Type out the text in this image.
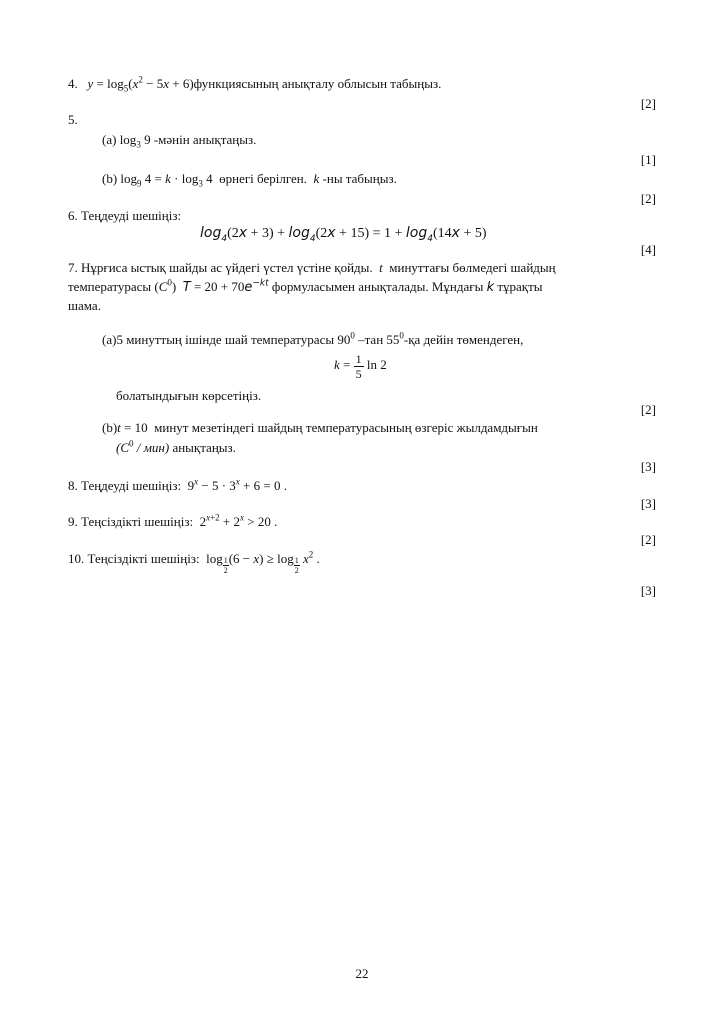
4. $y = \log_5(x^2 - 5x$ + 6)функциясының анықталу облысын табыңыз.
[2]
5.
(a) $\log_3 9$ -мәнін анықтаңыз.
[1]
(b) $\log_9 4 = k \cdot \log_3 4$  өрнегі берілген. k -ны табыңыз.
[2]
6. Теңдеуді шешіңіз:
$\log_4(2x + 3) + \log_4(2x + 15) = 1 + \log_4(14x + 5)$
[4]
7. Нұрғиса ыстық шайды ас үйдегі үстел үстіне қойды. t минуттағы бөлмедегі шайдың
температурасы $(C^0) T = 20 + 70e^{-kt}$ формуласымен анықталады. Мұндағы k тұрақты
шама.
(a)5 минуттың ішінде шай температурасы $90^0$ –тан $55^0-қа$ дейін төмендеген,
$k = \frac{1}{5}$ ln 2
болатындығын көрсетіңіз.
[2]
(b)t = 10  минут мезетіндегі шайдың температурасының өзгеріс жылдамдығын
$(C^0 / мин)$ анықтаңыз.
[3]
8. Теңдеуді шешіңіз:  $9^x - 5 \cdot 3^x + 6 = 0$ .
[3]
9. Теңсіздікті шешіңіз:  $2^{x+2} + 2^x > 20$ .
[2]
10. Теңсіздікті шешіңіз:  $\log \frac{1}{2} (6 - x) \ge \log \frac{1}{2} x^2$ .
[3]
22
